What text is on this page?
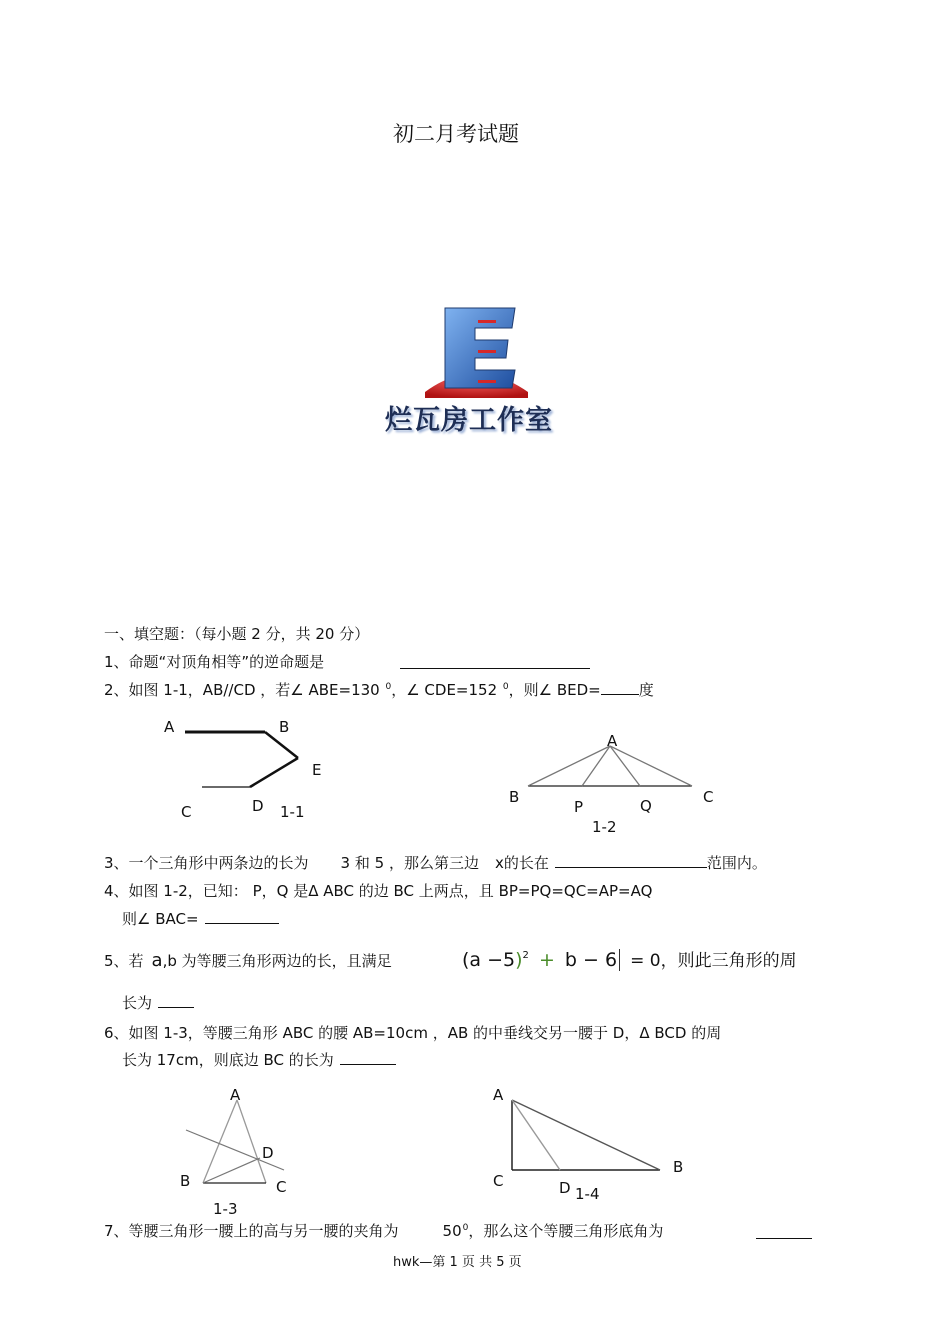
初二月考试题
烂瓦房工作室
一、填空题：（每小题 2 分，共 20 分）
1、命题“对顶角相等”的逆命题是
2、如图 1-1，AB//CD ，若∠ ABE=130 $^0$，∠ CDE=152 $^0$，则∠ BED=	度
A	B
E
C	D 1-1
A
B	C
P	Q
1-2
3、一个三角形中两条边的长为 3 和 5 ，那么第三边 x的长在	范围内。
4、如图 1-2，已知： P，Q 是Δ ABC 的边 BC 上两点，且 BP=PQ=QC=AP=AQ
则∠ BAC=
5、若 a,b 为等腰三角形两边的长，且满足	$(a -5)^2 + b - 6 = 0$，则此三角形的周
长为
6、如图 1-3，等腰三角形 ABC 的腰 AB=10cm ，AB 的中垂线交另一腰于 D，Δ BCD 的周
长为 17cm，则底边 BC 的长为
A
D
B	C
1-3
A
B
C	D 1-4
7、等腰三角形一腰上的高与另一腰的夹角为	$50^0$，那么这个等腰三角形底角为
hwk—第 1 页 共 5 页
